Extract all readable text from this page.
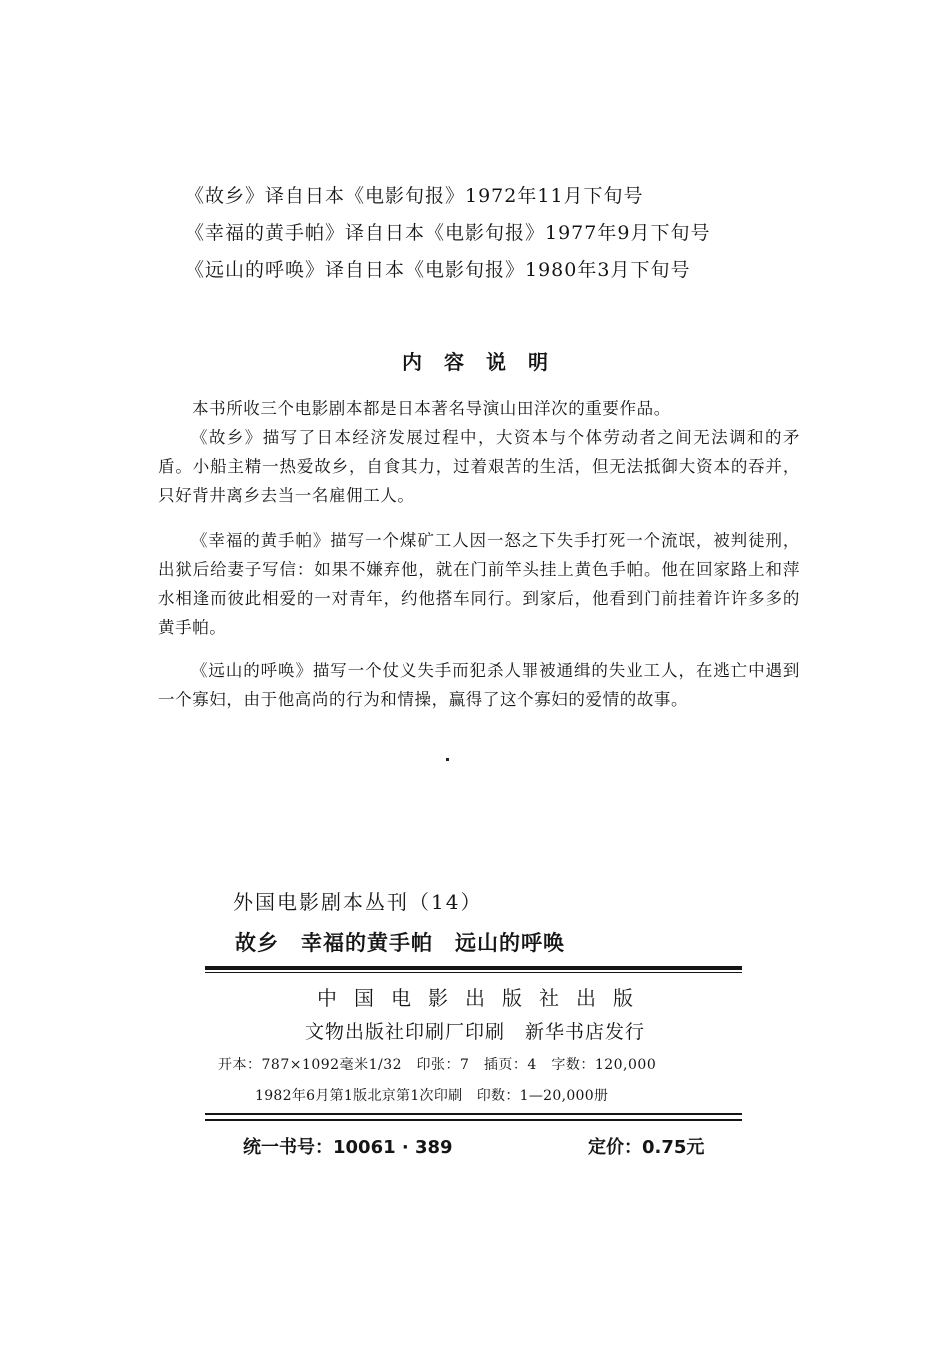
《故乡》译自日本《电影旬报》1972年11月下旬号
《幸福的黄手帕》译自日本《电影旬报》1977年9月下旬号
《远山的呼唤》译自日本《电影旬报》1980年3月下旬号
内容说明
本书所收三个电影剧本都是日本著名导演山田洋次的重要作品。
《故乡》描写了日本经济发展过程中，大资本与个体劳动者之间无法调和的矛盾。小船主精一热爱故乡，自食其力，过着艰苦的生活，但无法抵御大资本的吞并，只好背井离乡去当一名雇佣工人。
《幸福的黄手帕》描写一个煤矿工人因一怒之下失手打死一个流氓，被判徒刑，出狱后给妻子写信：如果不嫌弃他，就在门前竿头挂上黄色手帕。他在回家路上和萍水相逢而彼此相爱的一对青年，约他搭车同行。到家后，他看到门前挂着许许多多的黄手帕。
《远山的呼唤》描写一个仗义失手而犯杀人罪被通缉的失业工人，在逃亡中遇到一个寡妇，由于他高尚的行为和情操，赢得了这个寡妇的爱情的故事。
外国电影剧本丛刊（14）
故乡　幸福的黄手帕　远山的呼唤
中国电影出版社出版
文物出版社印刷厂印刷　新华书店发行
开本：787×1092毫米1/32　印张：7　插页：4　字数：120,000
1982年6月第1版北京第1次印刷　印数：1—20,000册
统一书号：10061 · 389	定价：0.75元
